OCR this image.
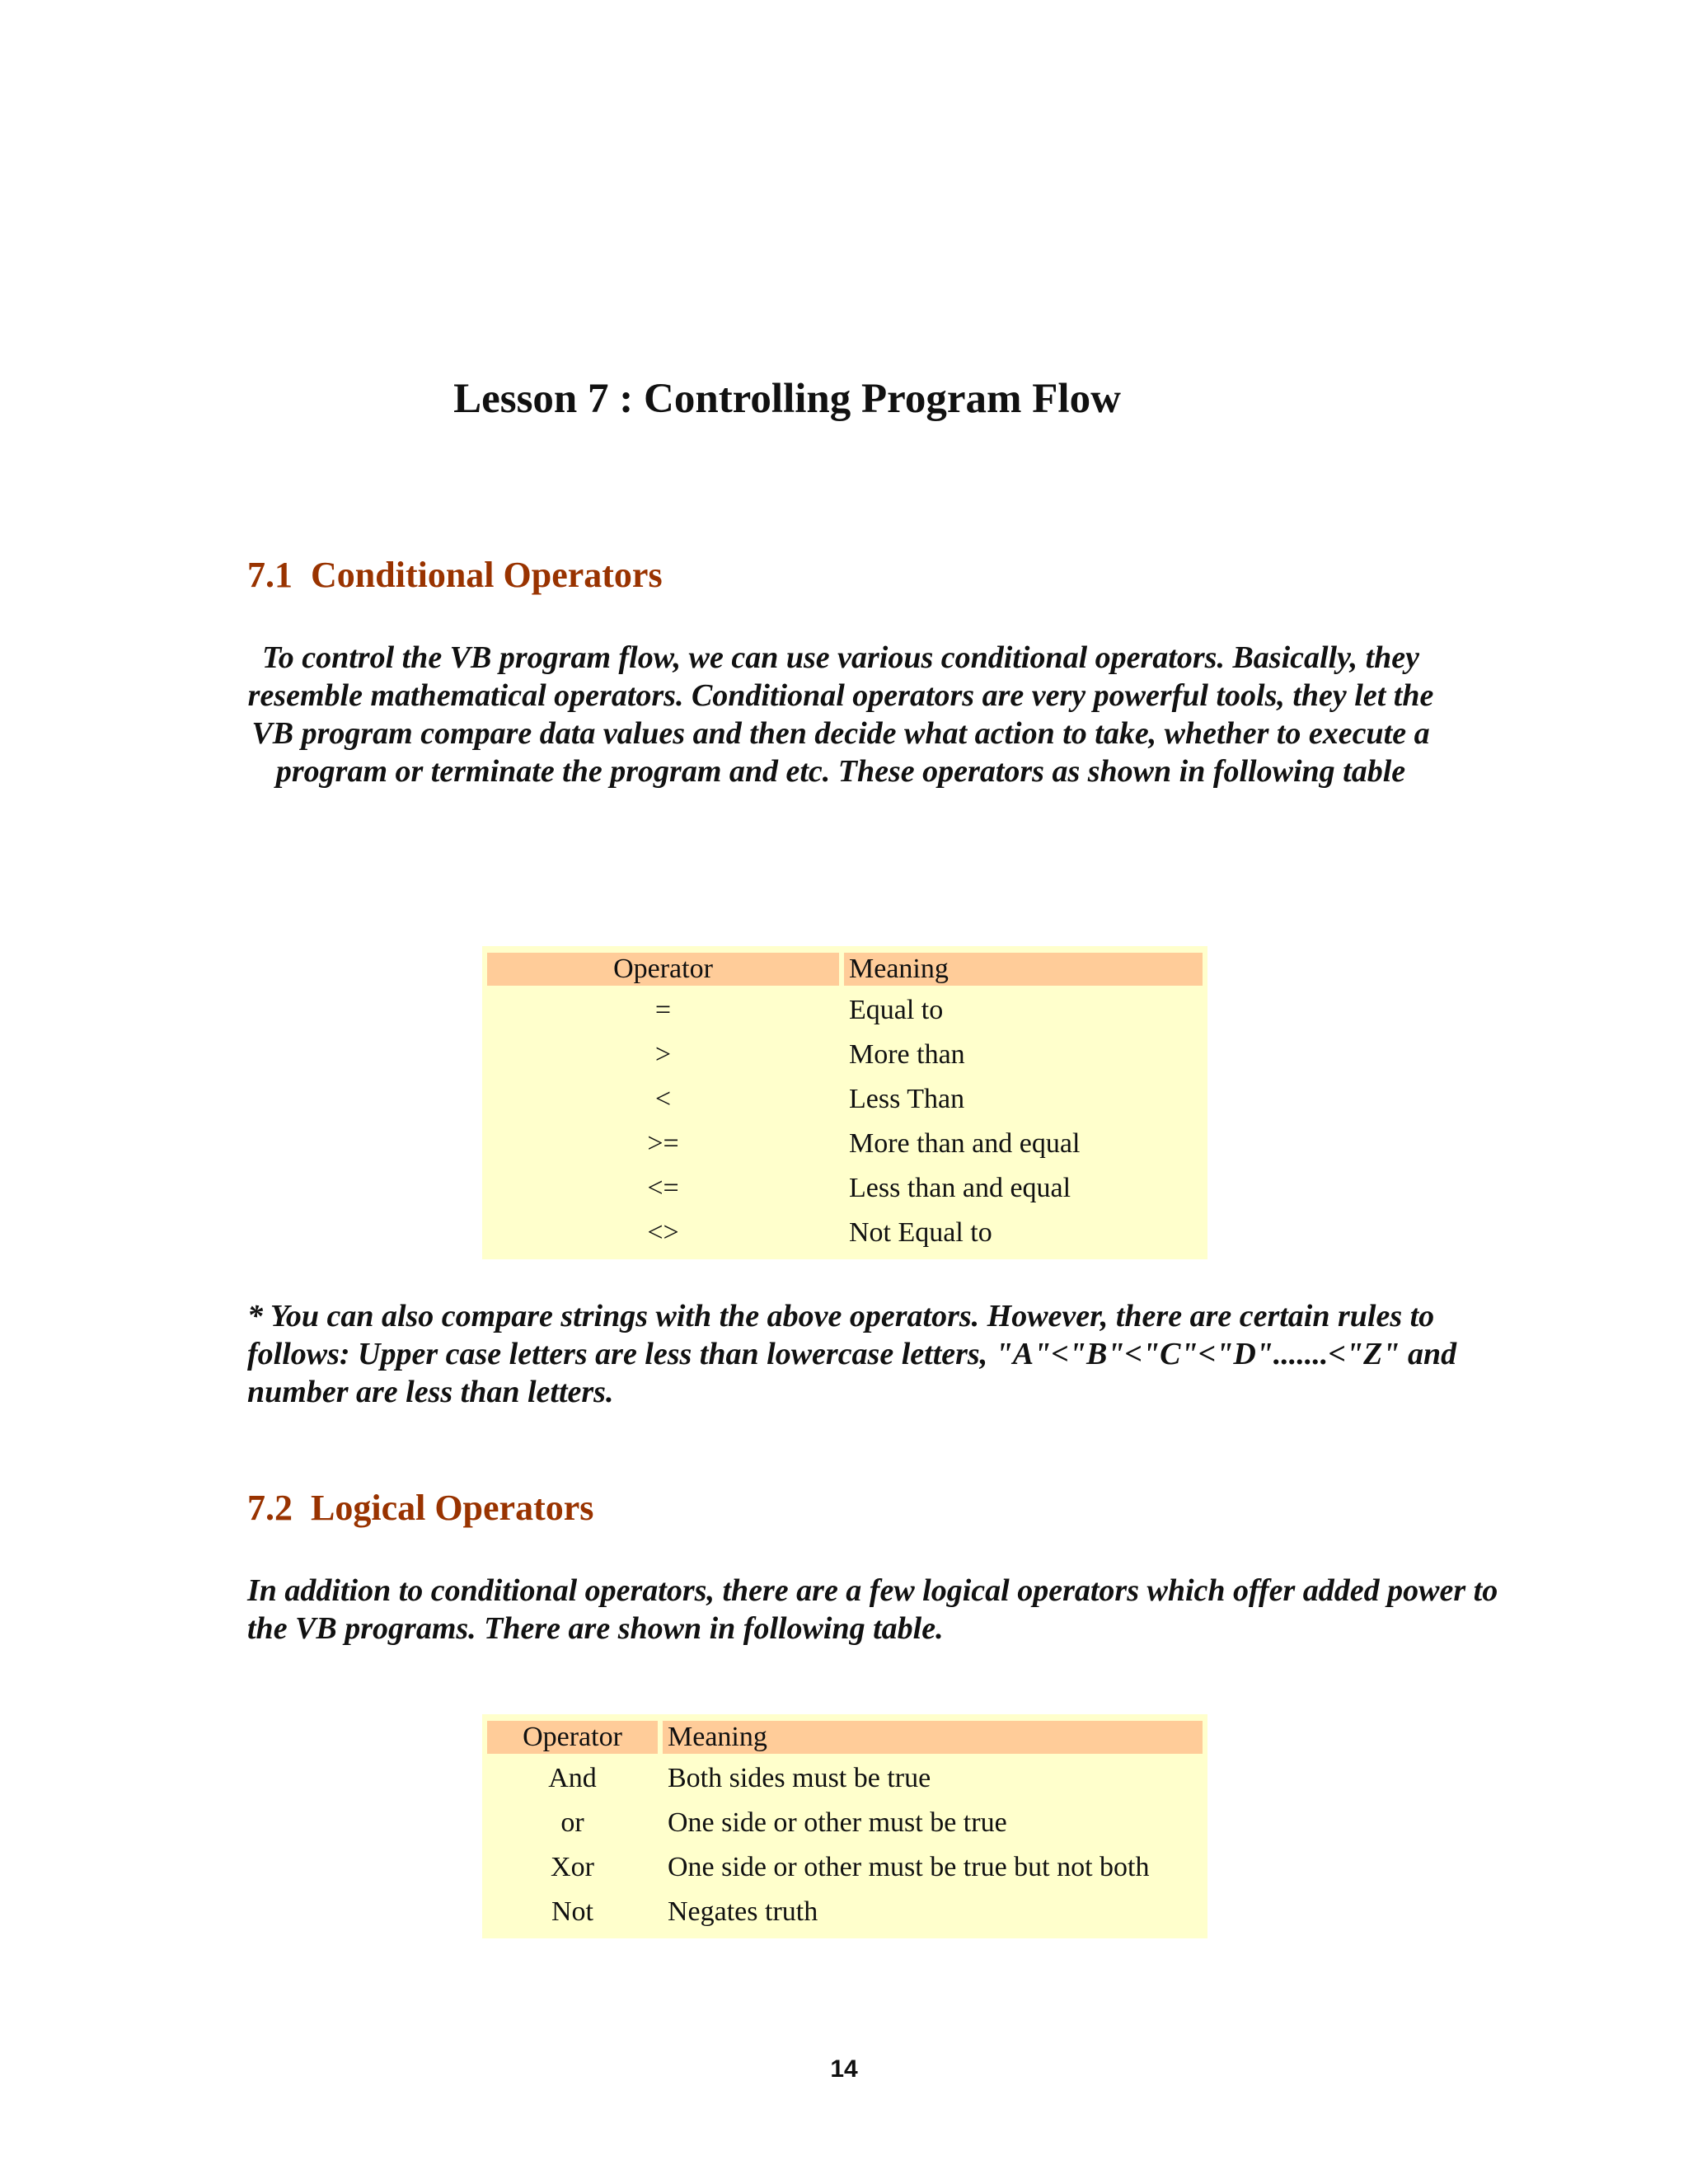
Lesson 7 : Controlling Program Flow
7.1  Conditional Operators

To control the VB program flow, we can use various conditional operators. Basically, they resemble mathematical operators. Conditional operators are very powerful tools, they let the VB program compare data values and then decide what action to take, whether to execute a program or terminate the program and etc. These operators as shown in following table

Operator	Meaning
=	Equal to
>	More than
<	Less Than
>=	More than and equal
<=	Less than and equal
<>	Not Equal to

* You can also compare strings with the above operators. However, there are certain rules to follows: Upper case letters are less than lowercase letters, "A"<"B"<"C"<"D".......<"Z" and number are less than letters.

7.2  Logical Operators

In addition to conditional operators, there are a few logical operators which offer added power to the VB programs. There are shown in following table.

Operator	Meaning
And	Both sides must be true
or	One side or other must be true
Xor	One side or other must be true but not both
Not	Negates truth

14
